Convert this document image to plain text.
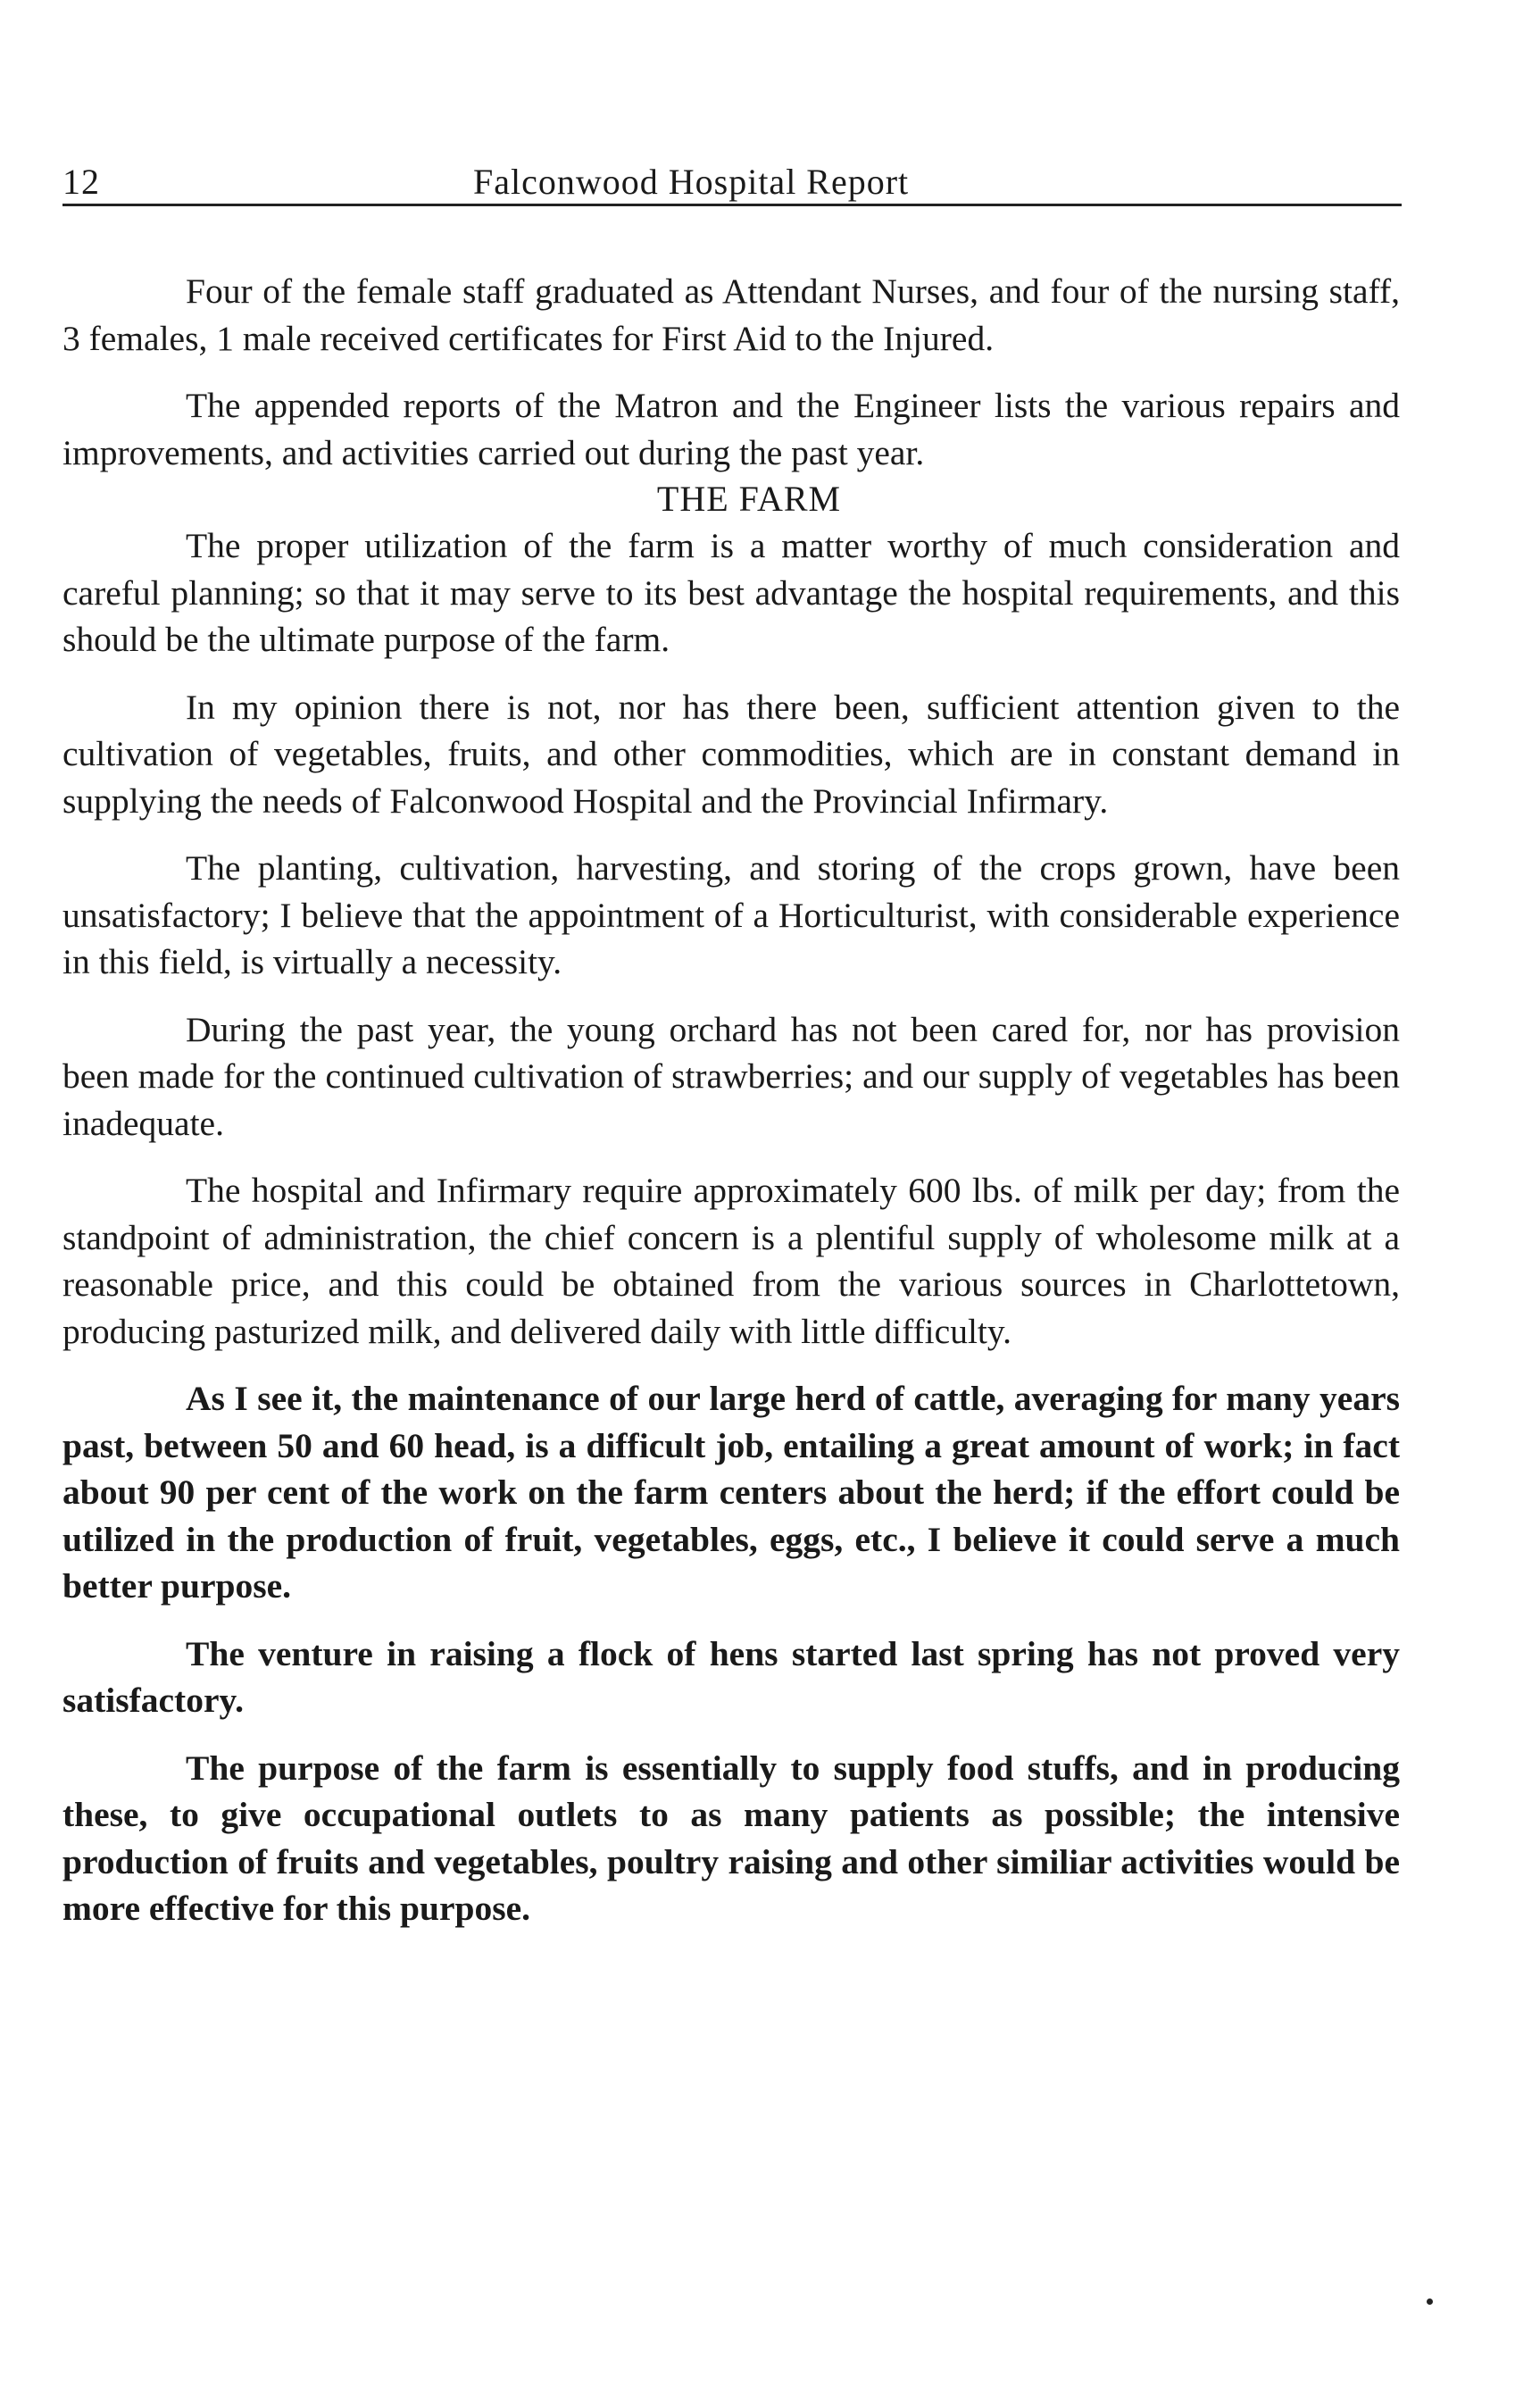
12	Falconwood Hospital Report

Four of the female staff graduated as Attendant Nurses, and four of the nursing staff, 3 females, 1 male received certificates for First Aid to the Injured.

The appended reports of the Matron and the Engineer lists the various repairs and improvements, and activities carried out during the past year.

THE FARM

The proper utilization of the farm is a matter worthy of much consideration and careful planning; so that it may serve to its best advantage the hospital requirements, and this should be the ultimate purpose of the farm.

In my opinion there is not, nor has there been, sufficient attention given to the cultivation of vegetables, fruits, and other commodities, which are in constant demand in supplying the needs of Falconwood Hospital and the Provincial Infirmary.

The planting, cultivation, harvesting, and storing of the crops grown, have been unsatisfactory; I believe that the appointment of a Horticulturist, with considerable experience in this field, is virtually a necessity.

During the past year, the young orchard has not been cared for, nor has provision been made for the continued cultivation of strawberries; and our supply of vegetables has been inadequate.

The hospital and Infirmary require approximately 600 lbs. of milk per day; from the standpoint of administration, the chief concern is a plentiful supply of wholesome milk at a reasonable price, and this could be obtained from the various sources in Charlottetown, producing pasturized milk, and delivered daily with little difficulty.

As I see it, the maintenance of our large herd of cattle, averaging for many years past, between 50 and 60 head, is a difficult job, entailing a great amount of work; in fact about 90 per cent of the work on the farm centers about the herd; if the effort could be utilized in the production of fruit, vegetables, eggs, etc., I believe it could serve a much better purpose.

The venture in raising a flock of hens started last spring has not proved very satisfactory.

The purpose of the farm is essentially to supply food stuffs, and in producing these, to give occupational outlets to as many patients as possible; the intensive production of fruits and vegetables, poultry raising and other similiar activities would be more effective for this purpose.
